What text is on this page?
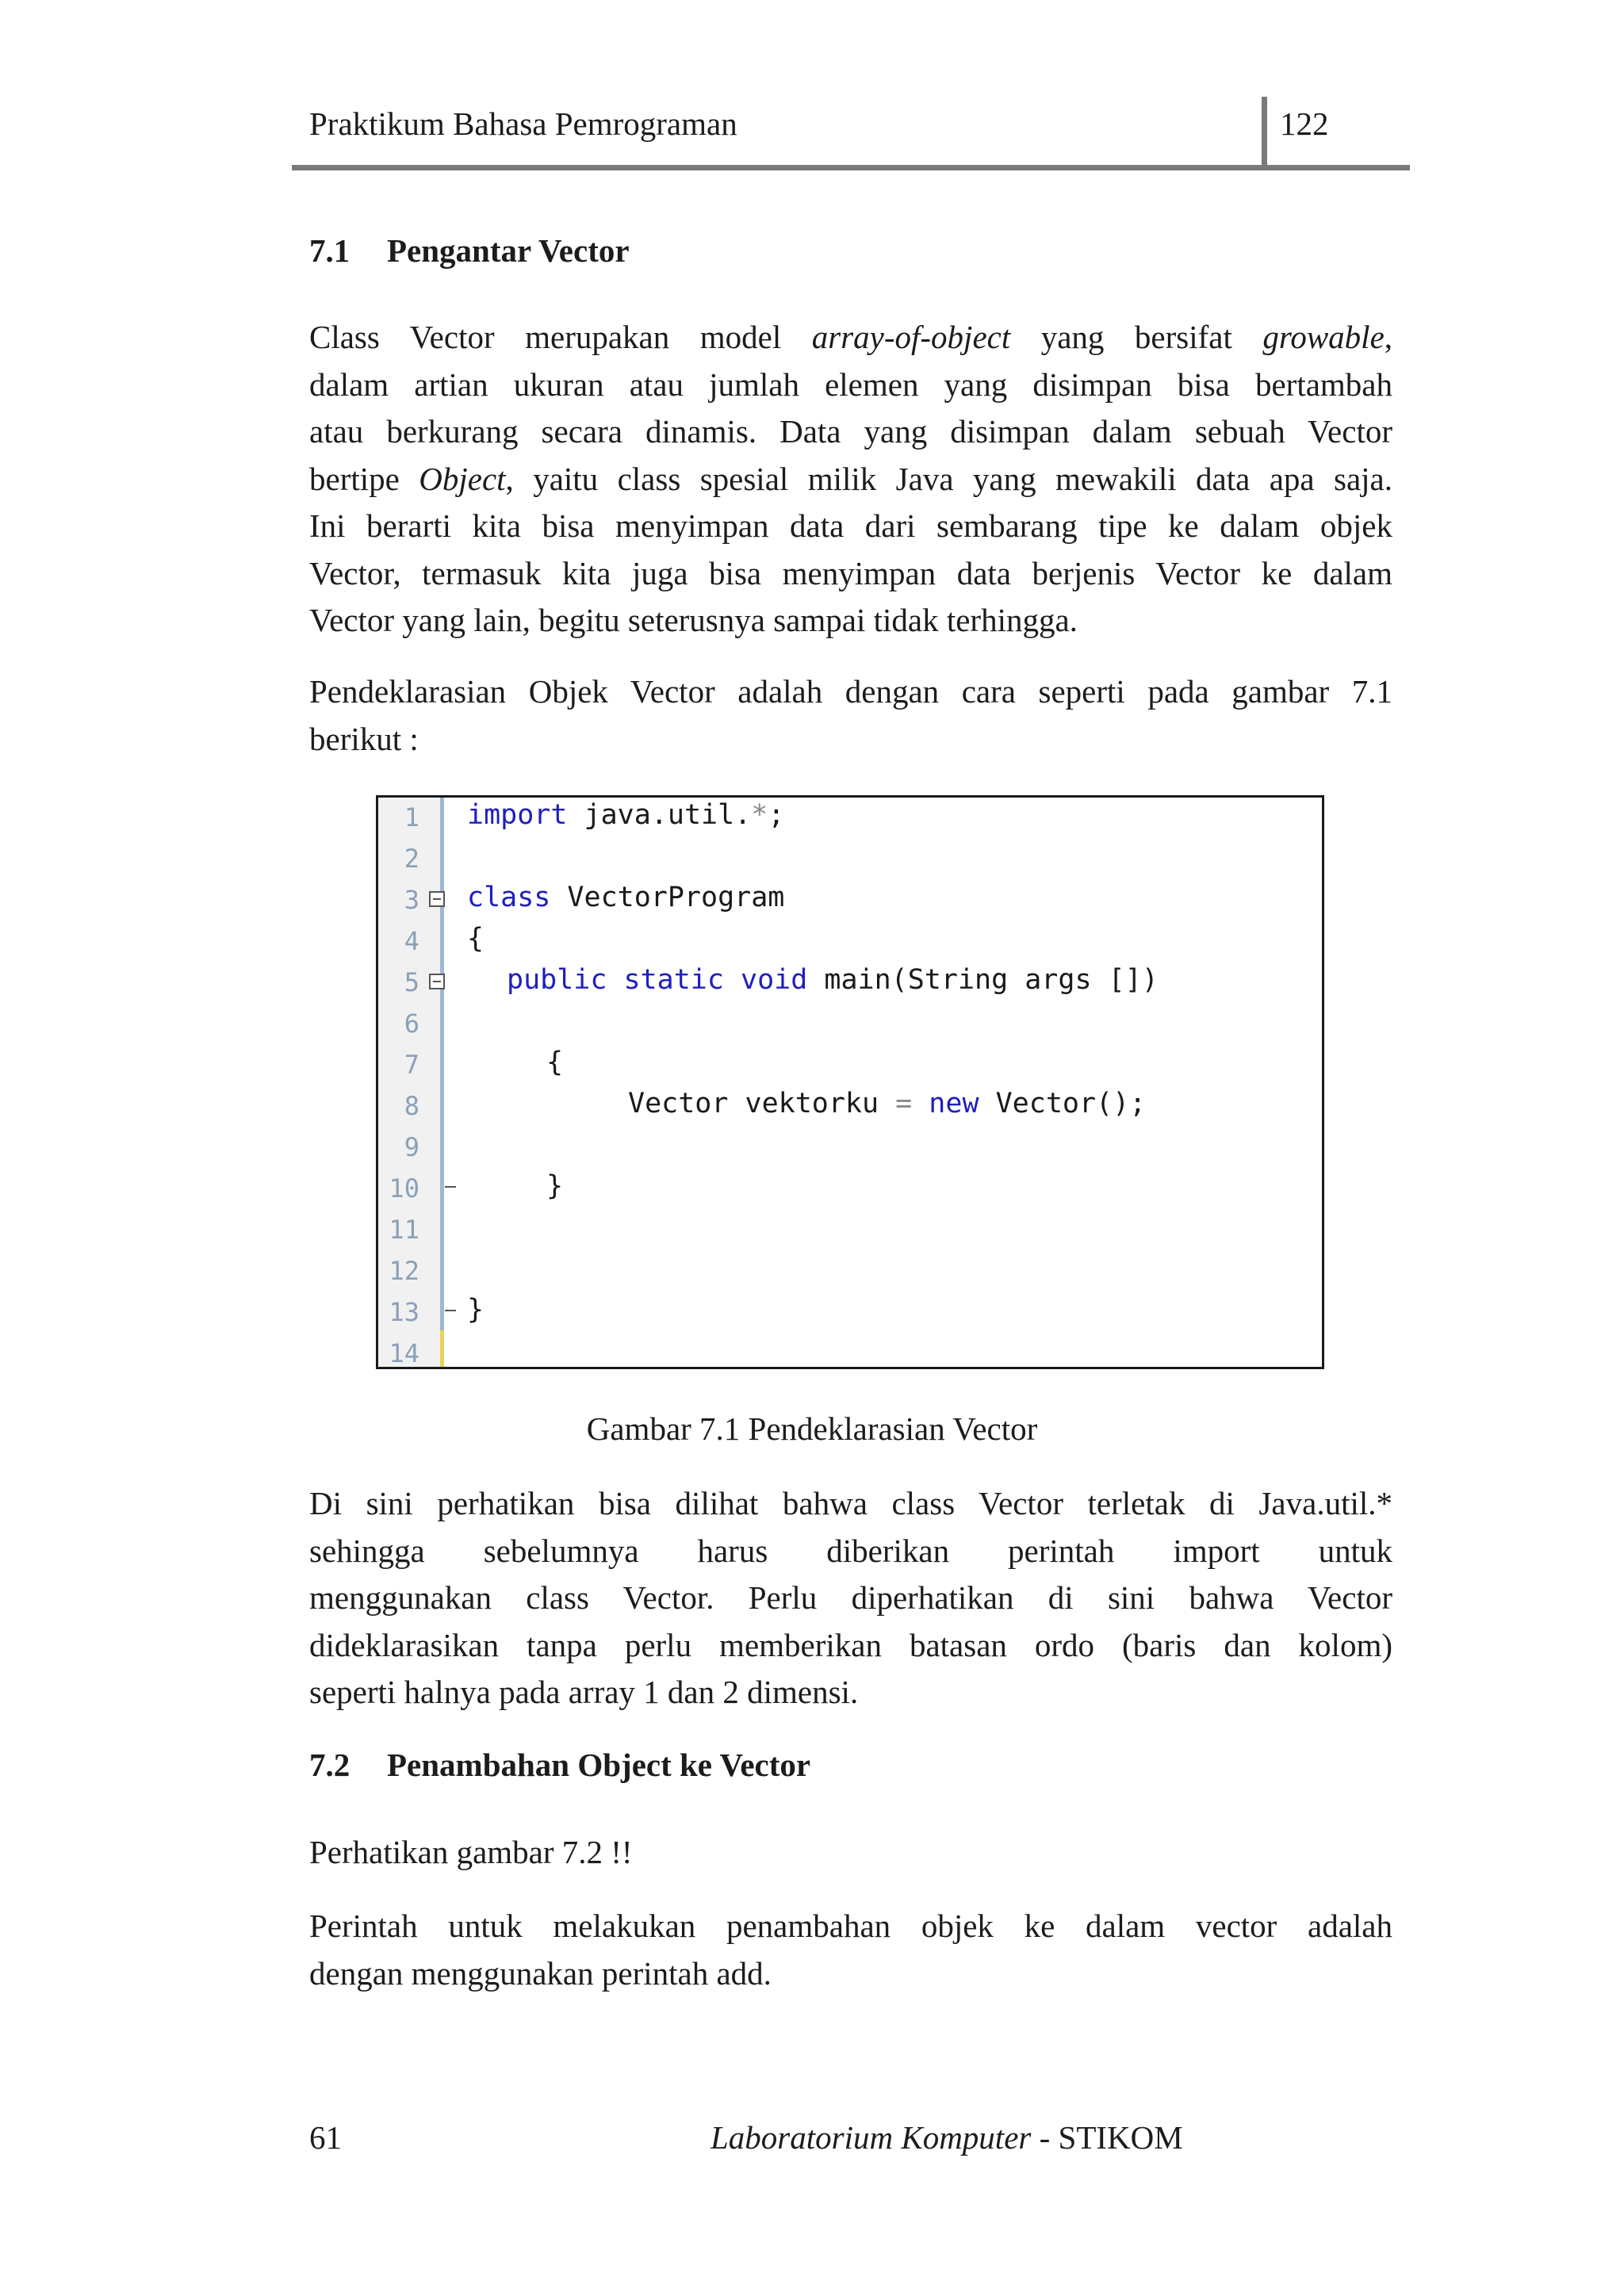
Praktikum Bahasa Pemrograman	122
7.1 Pengantar Vector
Class Vector merupakan model array-of-object yang bersifat growable,
dalam artian ukuran atau jumlah elemen yang disimpan bisa bertambah
atau berkurang secara dinamis. Data yang disimpan dalam sebuah Vector
bertipe Object, yaitu class spesial milik Java yang mewakili data apa saja.
Ini berarti kita bisa menyimpan data dari sembarang tipe ke dalam objek
Vector, termasuk kita juga bisa menyimpan data berjenis Vector ke dalam
Vector yang lain, begitu seterusnya sampai tidak terhingga.
Pendeklarasian Objek Vector adalah dengan cara seperti pada gambar 7.1
berikut :
1
2
3
4
5
6
7
8
9
10
11
12
13
14
import java.util.*;
class VectorProgram
{
public static void main(String args [])
{
Vector vektorku = new Vector();
}
}
Gambar 7.1 Pendeklarasian Vector
Di sini perhatikan bisa dilihat bahwa class Vector terletak di Java.util.*
sehingga sebelumnya harus diberikan perintah import untuk
menggunakan class Vector. Perlu diperhatikan di sini bahwa Vector
dideklarasikan tanpa perlu memberikan batasan ordo (baris dan kolom)
seperti halnya pada array 1 dan 2 dimensi.
7.2 Penambahan Object ke Vector
Perhatikan gambar 7.2 !!
Perintah untuk melakukan penambahan objek ke dalam vector adalah
dengan menggunakan perintah add.
61	Laboratorium Komputer - STIKOM
